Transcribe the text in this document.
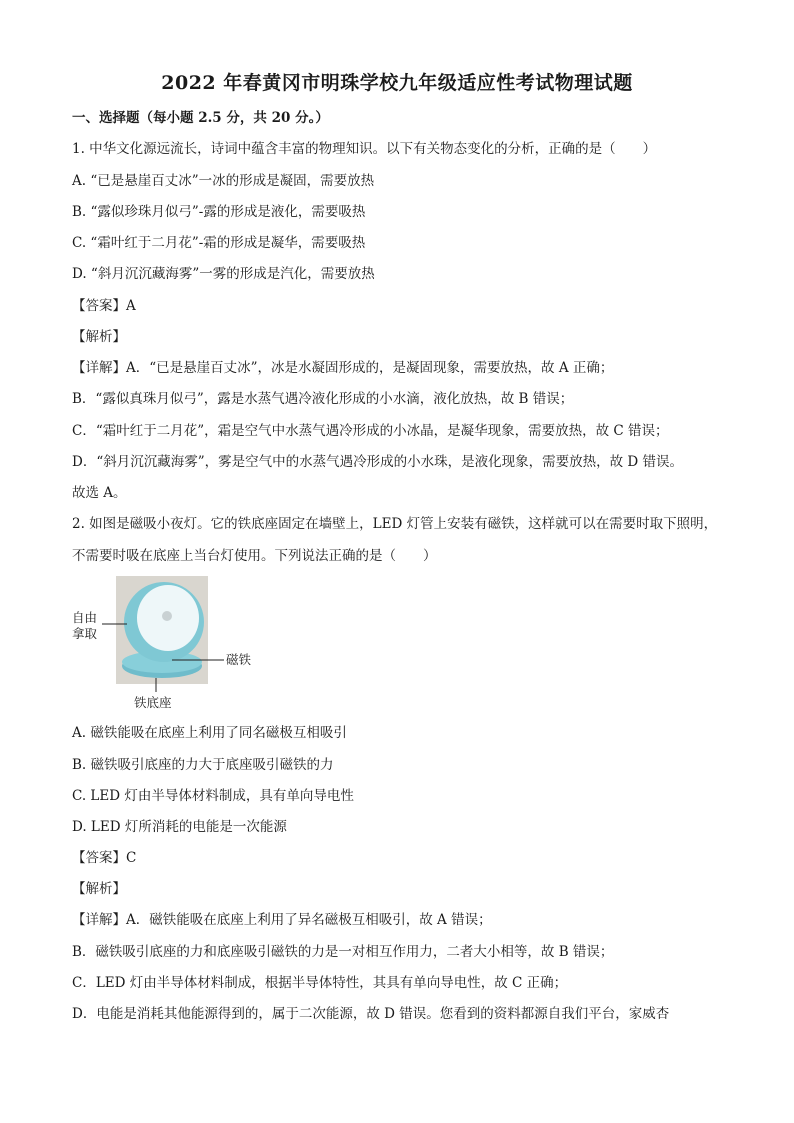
2022 年春黄冈市明珠学校九年级适应性考试物理试题
一、选择题（每小题 2.5 分，共 20 分。）
1. 中华文化源远流长，诗词中蕴含丰富的物理知识。以下有关物态变化的分析，正确的是（　　）
A. “已是悬崖百丈冰”一冰的形成是凝固，需要放热
B. “露似珍珠月似弓”-露的形成是液化，需要吸热
C. “霜叶红于二月花”-霜的形成是凝华，需要吸热
D. “斜月沉沉藏海雾”一雾的形成是汽化，需要放热
【答案】A
【解析】
【详解】A．“已是悬崖百丈冰”，冰是水凝固形成的，是凝固现象，需要放热，故 A 正确；
B．“露似真珠月似弓”，露是水蒸气遇冷液化形成的小水滴，液化放热，故 B 错误；
C．“霜叶红于二月花”，霜是空气中水蒸气遇冷形成的小冰晶，是凝华现象，需要放热，故 C 错误；
D．“斜月沉沉藏海雾”，雾是空气中的水蒸气遇冷形成的小水珠，是液化现象，需要放热，故 D 错误。
故选 A。
2. 如图是磁吸小夜灯。它的铁底座固定在墙壁上，LED 灯管上安装有磁铁，这样就可以在需要时取下照明，
不需要时吸在底座上当台灯使用。下列说法正确的是（　　）
自由
拿取
磁铁
铁底座
A. 磁铁能吸在底座上利用了同名磁极互相吸引
B. 磁铁吸引底座的力大于底座吸引磁铁的力
C. LED 灯由半导体材料制成，具有单向导电性
D. LED 灯所消耗的电能是一次能源
【答案】C
【解析】
【详解】A．磁铁能吸在底座上利用了异名磁极互相吸引，故 A 错误；
B．磁铁吸引底座的力和底座吸引磁铁的力是一对相互作用力，二者大小相等，故 B 错误；
C．LED 灯由半导体材料制成，根据半导体特性，其具有单向导电性，故 C 正确；
D．电能是消耗其他能源得到的，属于二次能源，故 D 错误。您看到的资料都源自我们平台，家威杏
